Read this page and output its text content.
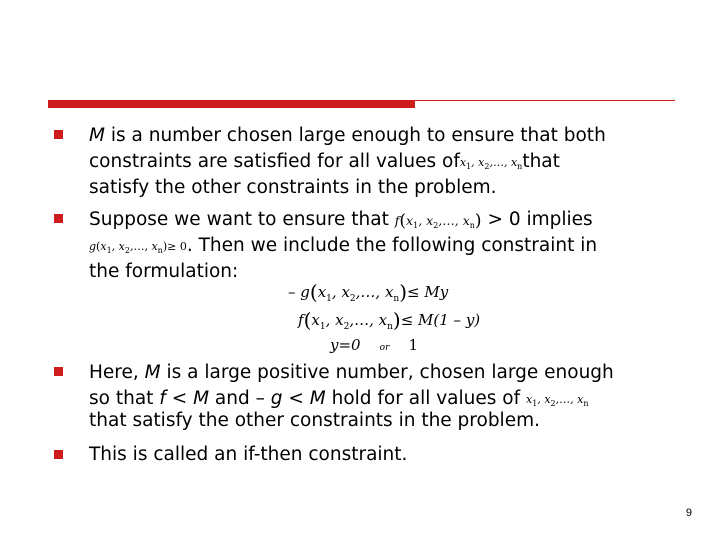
M is a number chosen large enough to ensure that both
constraints are satisfied for all values ofx$_1$, $x_2,\dots$, $x_nthat$
satisfy the other constraints in the problem.
Suppose we want to ensure that $f(x_1$, $x_2,\dots$, $x_n) > 0$ implies
$g(x_1$, $x_2,\dots$, $x_n)\ge 0$. Then we include the following constraint in
the formulation:
– $g(x_1$, $x_2,\dots$, $x_n)\le My$
$f(x_1$, $x_2,\dots$, $x_n)\le M(1 - y)$
y=0 or 1
Here, M is a large positive number, chosen large enough
so that f < M and – g < M hold for all values of $x_1$, $x_2,\dots$, $x_n$
that satisfy the other constraints in the problem.
This is called an if-then constraint.
9
